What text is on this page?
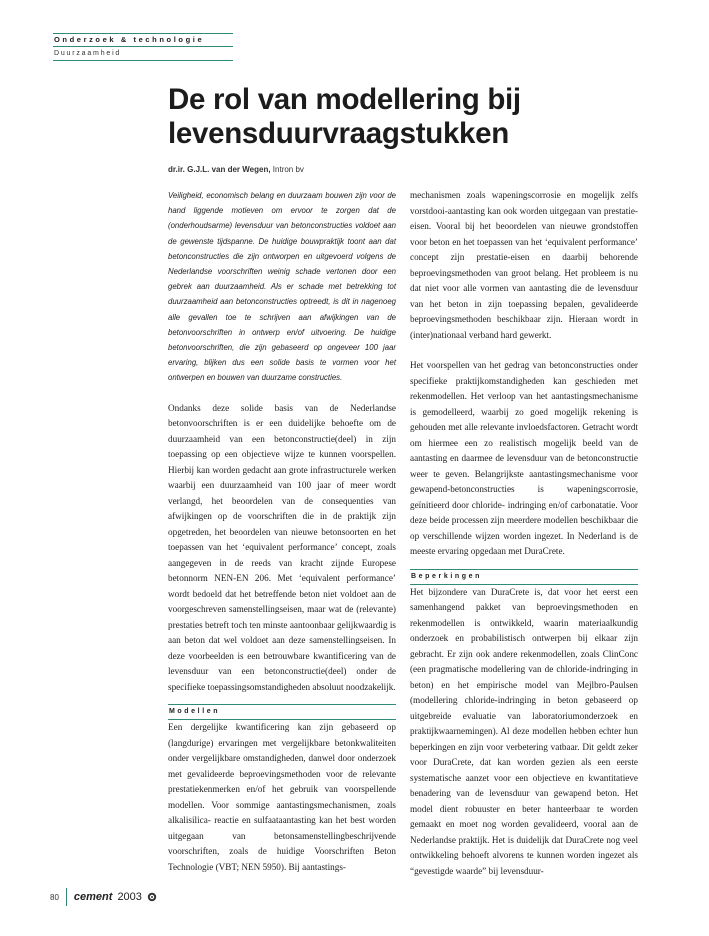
Onderzoek & technologie
Duurzaamheid
De rol van modellering bij levensduurvraagstukken
dr.ir. G.J.L. van der Wegen, Intron bv

Veiligheid, economisch belang en duurzaam bouwen zijn voor de hand liggende motieven om ervoor te zorgen dat de (onderhoudsarme) levensduur van betonconstructies voldoet aan de gewenste tijdspanne. De huidige bouwpraktijk toont aan dat betonconstructies die zijn ontworpen en uitgevoerd volgens de Nederlandse voorschriften weinig schade vertonen door een gebrek aan duurzaamheid. Als er schade met betrekking tot duurzaamheid aan betonconstructies optreedt, is dit in nagenoeg alle gevallen toe te schrijven aan afwijkingen van de betonvoorschriften in ontwerp en/of uitvoering. De huidige betonvoorschriften, die zijn gebaseerd op ongeveer 100 jaar ervaring, blijken dus een solide basis te vormen voor het ontwerpen en bouwen van duurzame constructies.

Ondanks deze solide basis van de Nederlandse betonvoorschriften is er een duidelijke behoefte om de duurzaamheid van een betonconstructie(deel) in zijn toepassing op een objectieve wijze te kunnen voorspellen. Hierbij kan worden gedacht aan grote infrastructurele werken waarbij een duurzaamheid van 100 jaar of meer wordt verlangd, het beoordelen van de consequenties van afwijkingen op de voorschriften die in de praktijk zijn opgetreden, het beoordelen van nieuwe betonsoorten en het toepassen van het ‘equivalent performance’ concept, zoals aangegeven in de reeds van kracht zijnde Europese betonnorm NEN-EN 206. Met ‘equivalent performance’ wordt bedoeld dat het betreffende beton niet voldoet aan de voorgeschreven samenstellingseisen, maar wat de (relevante) prestaties betreft toch ten minste aantoonbaar gelijkwaardig is aan beton dat wel voldoet aan deze samenstellingseisen. In deze voorbeelden is een betrouwbare kwantificering van de levensduur van een betonconstructie(deel) onder de specifieke toepassingsomstandigheden absoluut noodzakelijk.

Modellen

Een dergelijke kwantificering kan zijn gebaseerd op (langdurige) ervaringen met vergelijkbare betonkwaliteiten onder vergelijkbare omstandigheden, danwel door onderzoek met gevalideerde beproevingsmethoden voor de relevante prestatiekenmerken en/of het gebruik van voorspellende modellen. Voor sommige aantastingsmechanismen, zoals alkalisilica- reactie en sulfaataantasting kan het best worden uitgegaan van betonsamenstellingbeschrijvende voorschriften, zoals de huidige Voorschriften Beton Technologie (VBT; NEN 5950). Bij aantastings-

mechanismen zoals wapeningscorrosie en mogelijk zelfs vorstdooi-aantasting kan ook worden uitgegaan van prestatie-eisen. Vooral bij het beoordelen van nieuwe grondstoffen voor beton en het toepassen van het ‘equivalent performance’ concept zijn prestatie-eisen en daarbij behorende beproevingsmethoden van groot belang. Het probleem is nu dat niet voor alle vormen van aantasting die de levensduur van het beton in zijn toepassing bepalen, gevalideerde beproevingsmethoden beschikbaar zijn. Hieraan wordt in (inter)nationaal verband hard gewerkt.

Het voorspellen van het gedrag van betonconstructies onder specifieke praktijkomstandigheden kan geschieden met rekenmodellen. Het verloop van het aantastingsmechanisme is gemodelleerd, waarbij zo goed mogelijk rekening is gehouden met alle relevante invloedsfactoren. Getracht wordt om hiermee een zo realistisch mogelijk beeld van de aantasting en daarmee de levensduur van de betonconstructie weer te geven. Belangrijkste aantastingsmechanisme voor gewapend-betonconstructies is wapeningscorrosie, geïnitieerd door chloride- indringing en/of carbonatatie. Voor deze beide processen zijn meerdere modellen beschikbaar die op verschillende wijzen worden ingezet. In Nederland is de meeste ervaring opgedaan met DuraCrete.

Beperkingen

Het bijzondere van DuraCrete is, dat voor het eerst een samenhangend pakket van beproevingsmethoden en rekenmodellen is ontwikkeld, waarin materiaalkundig onderzoek en probabilistisch ontwerpen bij elkaar zijn gebracht. Er zijn ook andere rekenmodellen, zoals ClinConc (een pragmatische modellering van de chloride-indringing in beton) en het empirische model van Mejlbro-Paulsen (modellering chloride-indringing in beton gebaseerd op uitgebreide evaluatie van laboratoriumonderzoek en praktijkwaarnemingen). Al deze modellen hebben echter hun beperkingen en zijn voor verbetering vatbaar. Dit geldt zeker voor DuraCrete, dat kan worden gezien als een eerste systematische aanzet voor een objectieve en kwantitatieve benadering van de levensduur van gewapend beton. Het model dient robuuster en beter hanteerbaar te worden gemaakt en moet nog worden gevalideerd, vooral aan de Nederlandse praktijk. Het is duidelijk dat DuraCrete nog veel ontwikkeling behoeft alvorens te kunnen worden ingezet als “gevestigde waarde” bij levensduur-

80 cement 2003
